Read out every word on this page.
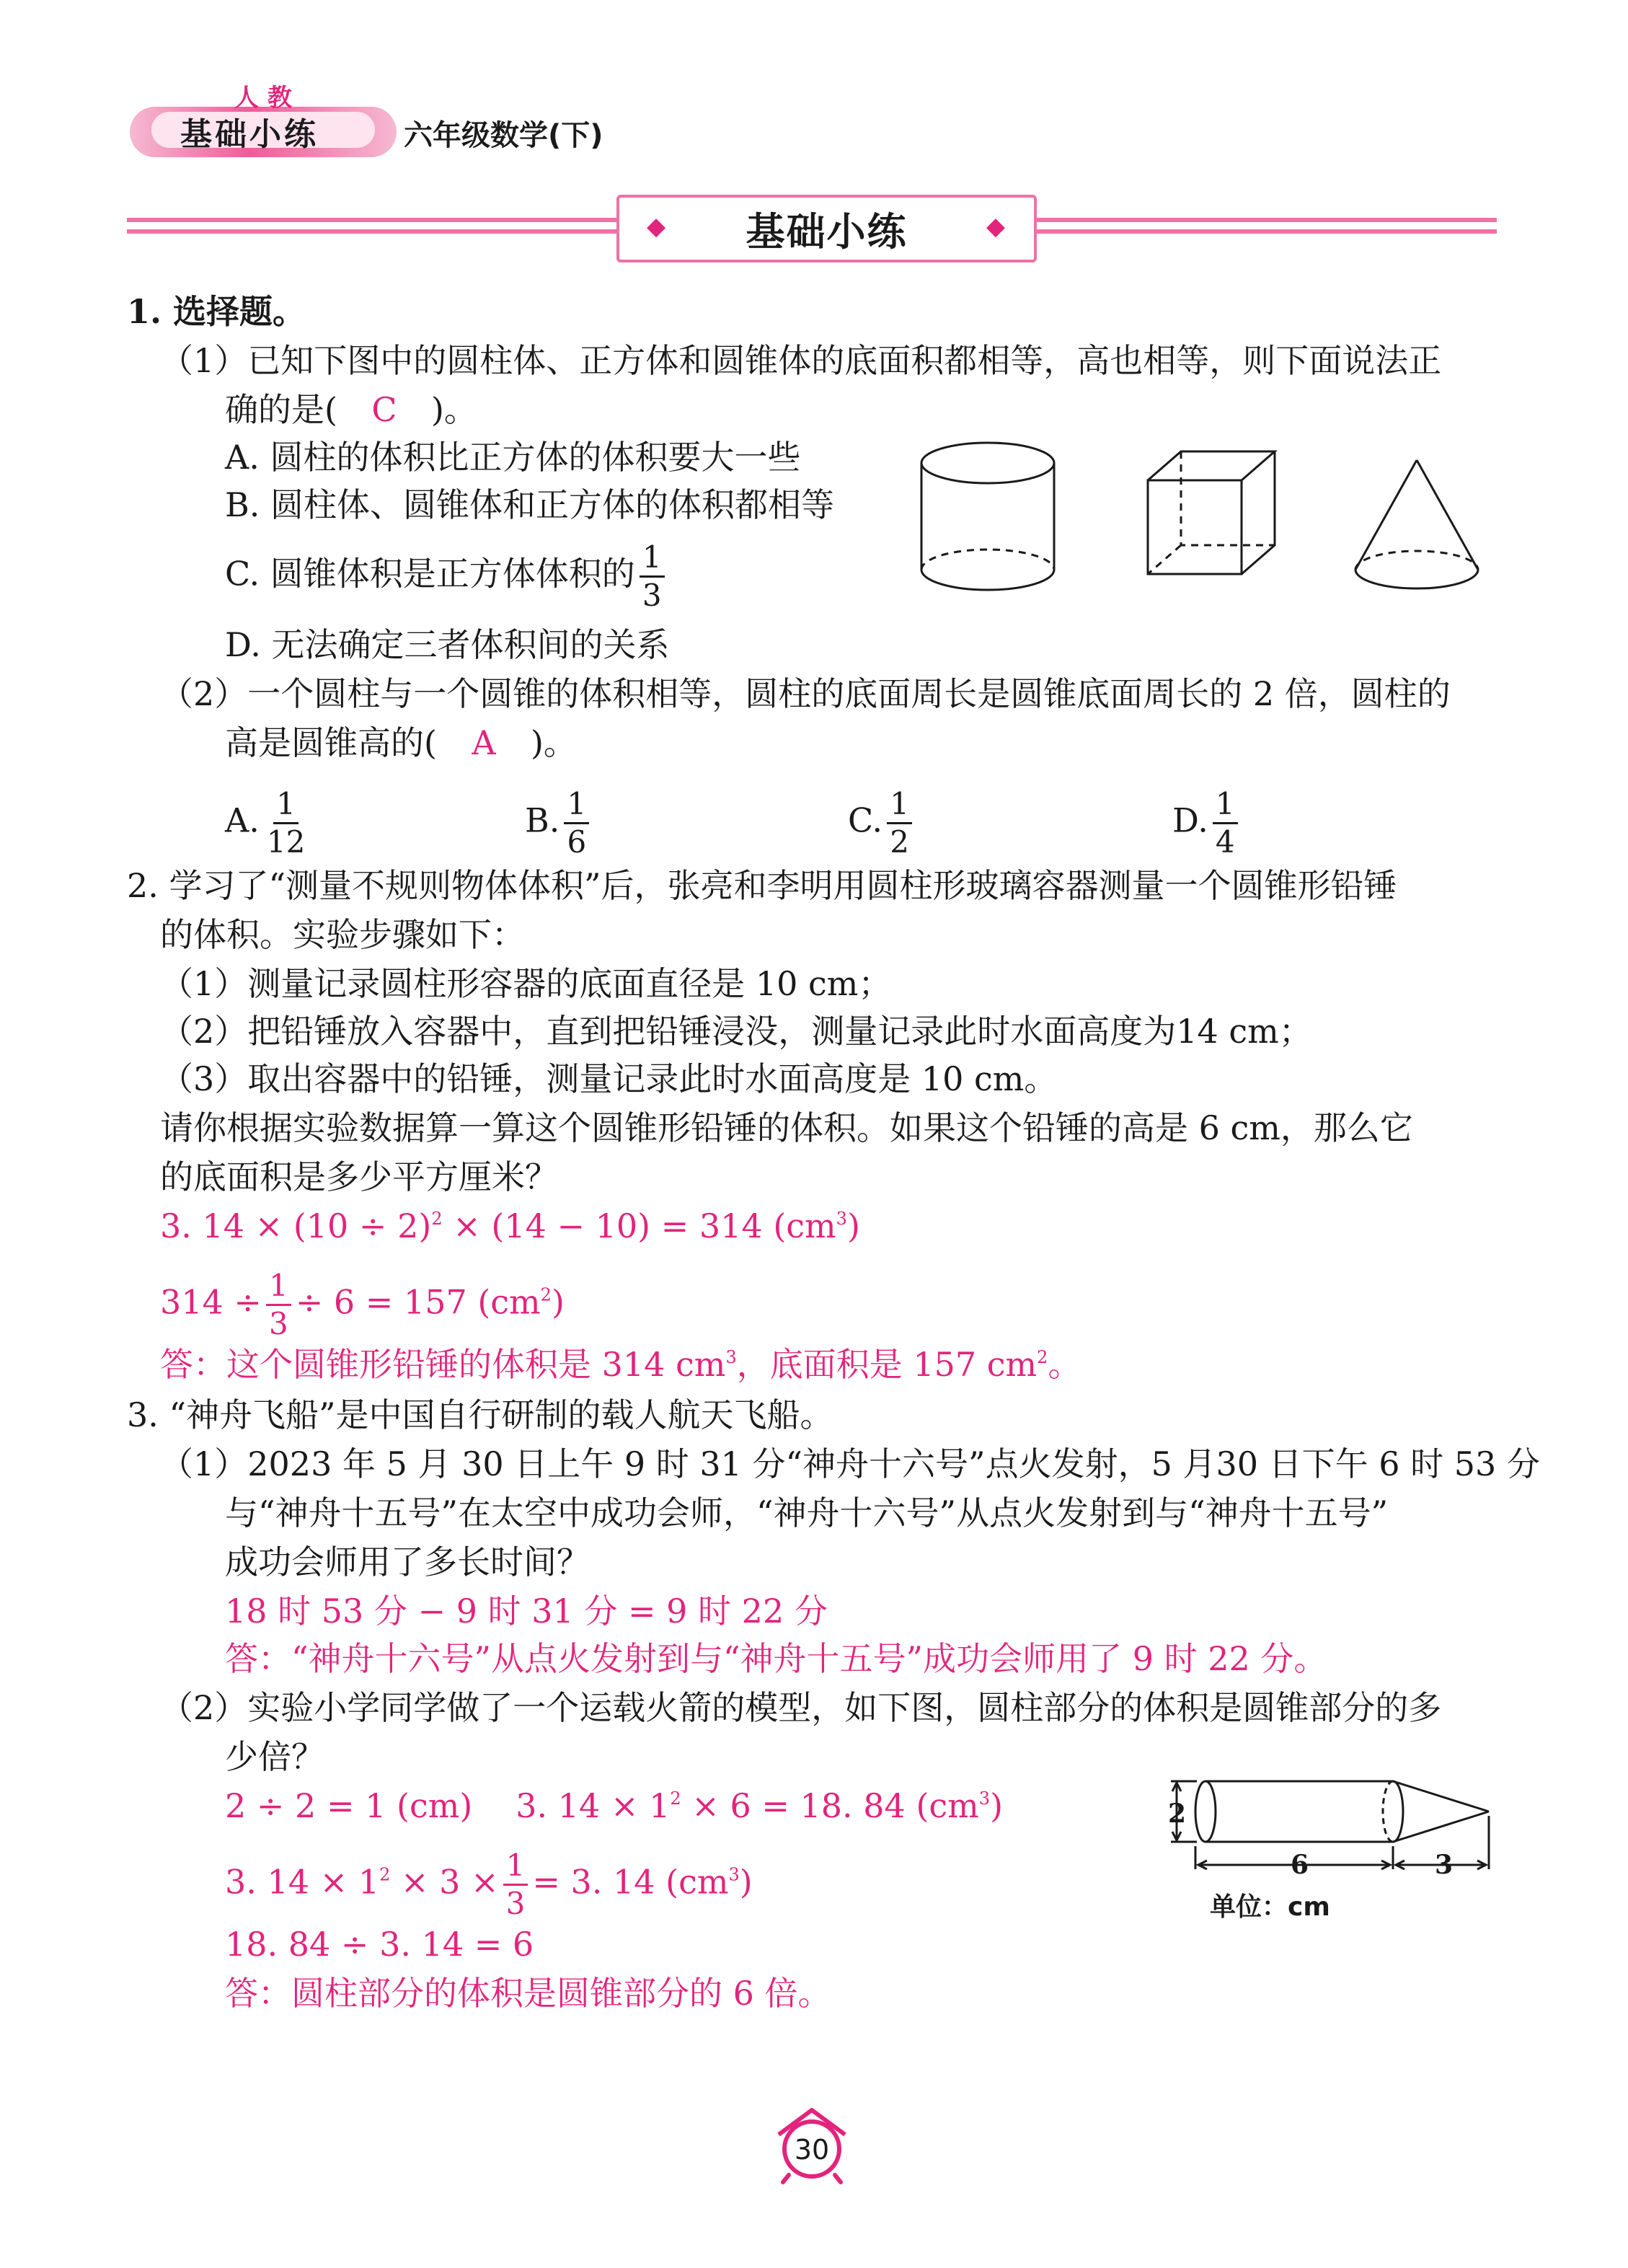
人 教
基础小练	六年级数学(下)
◆ 基础小练	◆
1. 选择题。
（1）已知下图中的圆柱体、正方体和圆锥体的底面积都相等，高也相等，则下面说法正
确的是( C )。
A. 圆柱的体积比正方体的体积要大一些
B. 圆柱体、圆锥体和正方体的体积都相等
C. 圆锥体积是正方体体积的 $\frac{1}{3}$
D. 无法确定三者体积间的关系
（2）一个圆柱与一个圆锥的体积相等，圆柱的底面周长是圆锥底面周长的 2 倍，圆柱的
高是圆锥高的( A )。
A. $\frac{1}{12}$	B. $\frac{1}{6}$	C. $\frac{1}{2}$	D. $\frac{1}{4}$
2. 学习了“测量不规则物体体积”后，张亮和李明用圆柱形玻璃容器测量一个圆锥形铅锤
的体积。实验步骤如下：
（1）测量记录圆柱形容器的底面直径是 10 cm；
（2）把铅锤放入容器中，直到把铅锤浸没，测量记录此时水面高度为14 cm；
（3）取出容器中的铅锤，测量记录此时水面高度是 10 cm。
请你根据实验数据算一算这个圆锥形铅锤的体积。如果这个铅锤的高是 6 cm，那么它
的底面积是多少平方厘米？
3. $14 \times (10 \div 2)^2 \times (14 - 10) = 314$ $(cm^3)$
$314 \div \frac{1}{3} \div 6 = 157$ $(cm^2)$
答：这个圆锥形铅锤的体积是 314 $cm^3$，底面积是 157 $cm^2$。
3. “神舟飞船”是中国自行研制的载人航天飞船。
（1）2023 年 5 月 30 日上午 9 时 31 分“神舟十六号”点火发射，5 月30 日下午 6 时 53 分
与“神舟十五号”在太空中成功会师，“神舟十六号”从点火发射到与“神舟十五号”
成功会师用了多长时间？
18 时 53 分 − 9 时 31 分 = 9 时 22 分
答：“神舟十六号”从点火发射到与“神舟十五号”成功会师用了 9 时 22 分。
（2）实验小学同学做了一个运载火箭的模型，如下图，圆柱部分的体积是圆锥部分的多
少倍？
2 ÷ 2 = 1 (cm) 3. $14 \times 1^2 \times 6 = 18$. 84 $(cm^3)$
3. $14 \times 1^2 \times 3 \times \frac{1}{3} = 3$. 14 $(cm^3)$
18. 84 ÷ 3. 14 = 6
答：圆柱部分的体积是圆锥部分的 6 倍。
2
6	3
单位：cm
30
